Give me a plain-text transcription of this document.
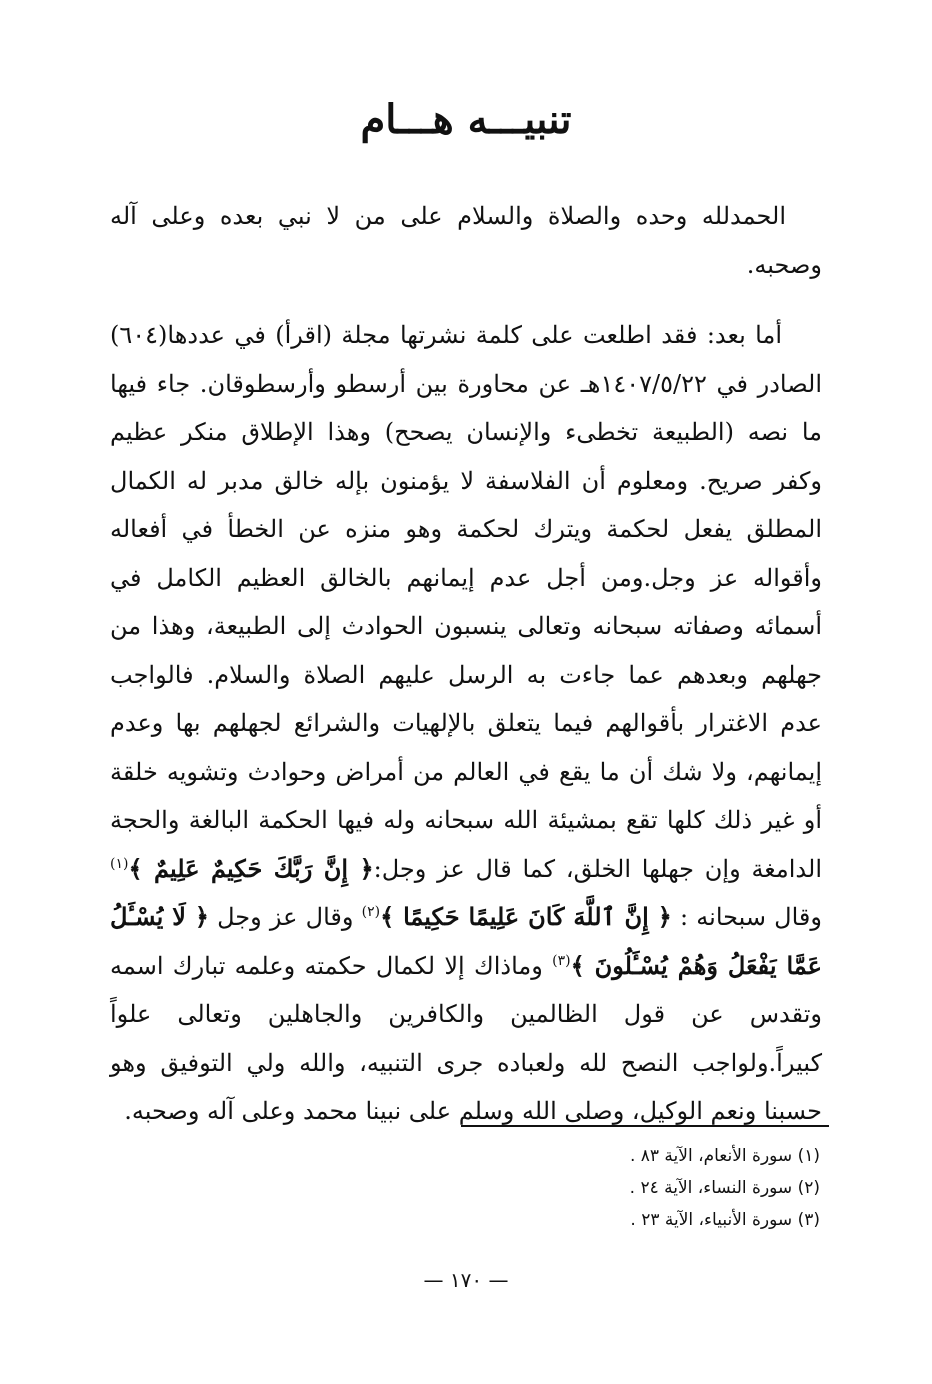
تنبيـــه هـــام

الحمدلله وحده والصلاة والسلام على من لا نبي بعده وعلى آله وصحبه.

أما بعد: فقد اطلعت على كلمة نشرتها مجلة (اقرأ) في عددها(٦٠٤) الصادر في ١٤٠٧/٥/٢٢هـ عن محاورة بين أرسطو وأرسطوقان. جاء فيها ما نصه (الطبيعة تخطىء والإنسان يصحح) وهذا الإطلاق منكر عظيم وكفر صريح. ومعلوم أن الفلاسفة لا يؤمنون بإله خالق مدبر له الكمال المطلق يفعل لحكمة ويترك لحكمة وهو منزه عن الخطأ في أفعاله وأقواله عز وجل.ومن أجل عدم إيمانهم بالخالق العظيم الكامل في أسمائه وصفاته سبحانه وتعالى ينسبون الحوادث إلى الطبيعة، وهذا من جهلهم وبعدهم عما جاءت به الرسل عليهم الصلاة والسلام. فالواجب عدم الاغترار بأقوالهم فيما يتعلق بالإلهيات والشرائع لجهلهم بها وعدم إيمانهم، ولا شك أن ما يقع في العالم من أمراض وحوادث وتشويه خلقة أو غير ذلك كلها تقع بمشيئة الله سبحانه وله فيها الحكمة البالغة والحجة الدامغة وإن جهلها الخلق، كما قال عز وجل:﴿ إِنَّ رَبَّكَ حَكِيمٌ عَلِيمٌ ﴾$^{(١)}$ وقال سبحانه : ﴿ إِنَّ ٱللَّهَ كَانَ عَلِيمًا حَكِيمًا ﴾$^{(٢)}$ وقال عز وجل ﴿ لَا يُسْـَٔلُ عَمَّا يَفْعَلُ وَهُمْ يُسْـَٔلُونَ ﴾$^{(٣)}$ وماذاك إلا لكمال حكمته وعلمه تبارك اسمه وتقدس عن قول الظالمين والكافرين والجاهلين وتعالى علواً كبيراً.ولواجب النصح لله ولعباده جرى التنبيه، والله ولي التوفيق وهو حسبنا ونعم الوكيل، وصلى الله وسلم على نبينا محمد وعلى آله وصحبه.

(١) سورة الأنعام، الآية ٨٣ .

(٢) سورة النساء، الآية ٢٤ .

(٣) سورة الأنبياء، الآية ٢٣ .

— ١٧٠ —
